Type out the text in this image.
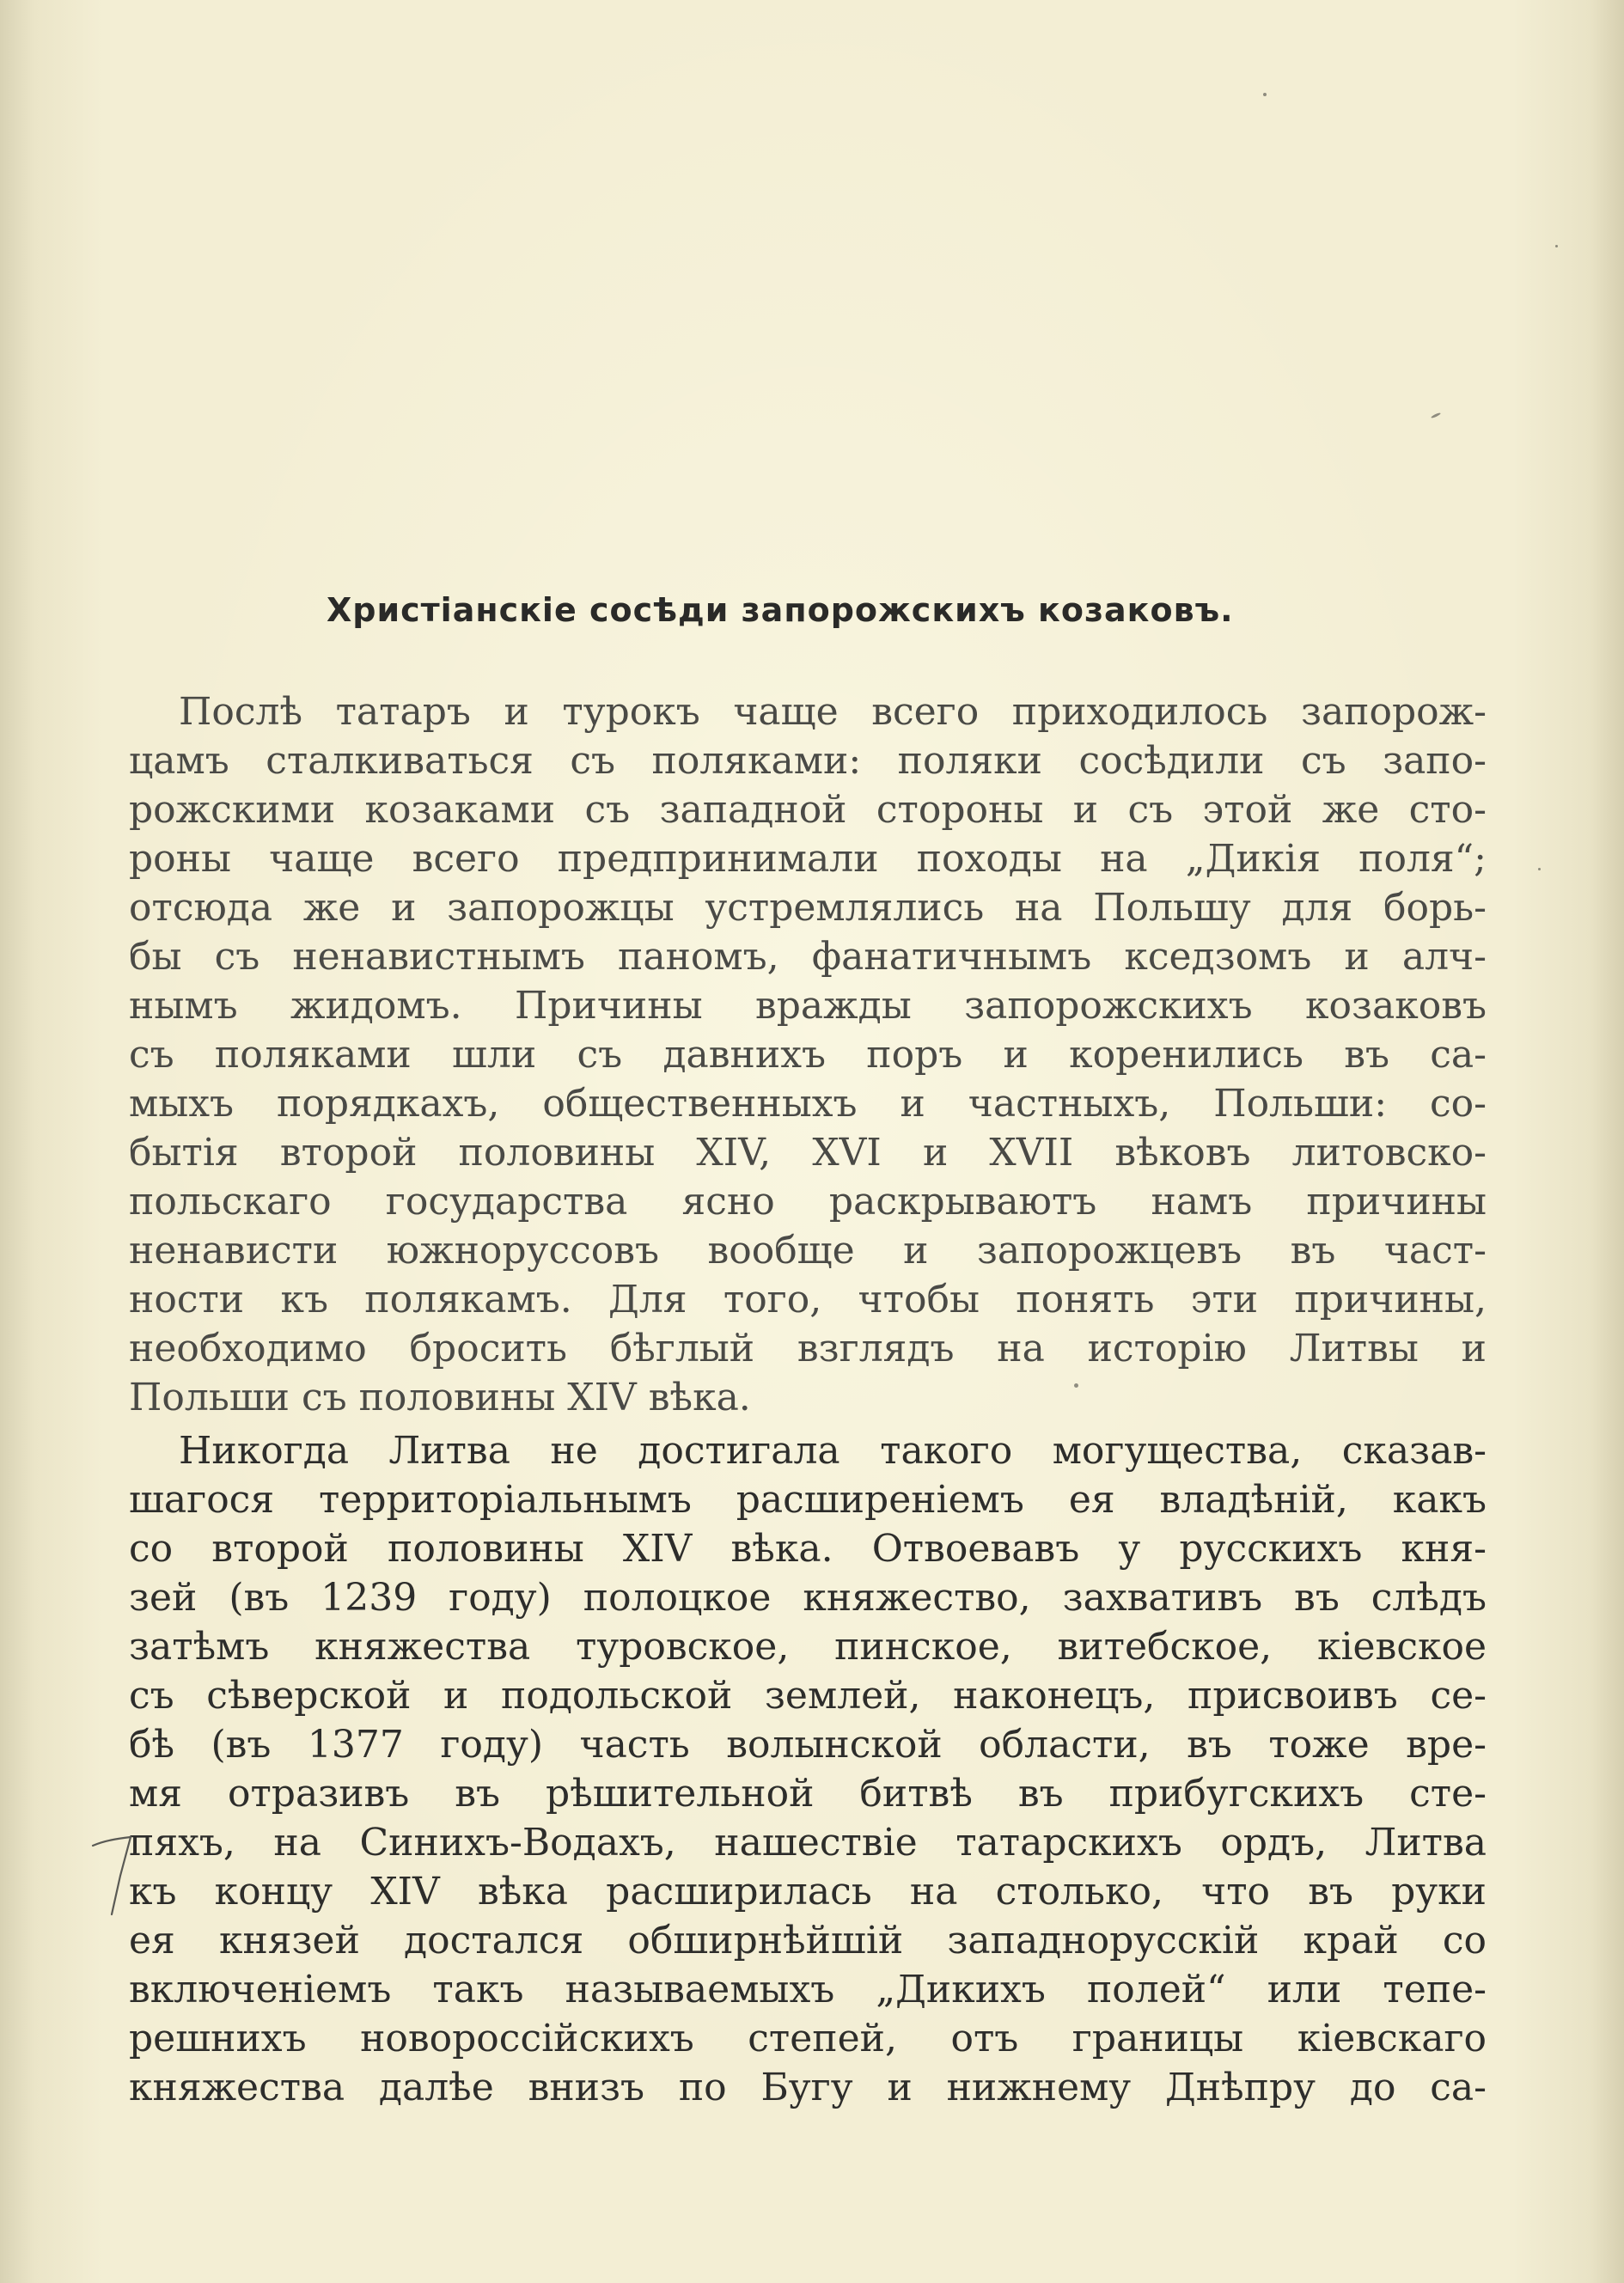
Христіанскіе сосѣди запорожскихъ козаковъ.
Послѣ татаръ и турокъ чаще всего приходилось запорож-
цамъ сталкиваться съ поляками: поляки сосѣдили съ запо-
рожскими козаками съ западной стороны и съ этой же сто-
роны чаще всего предпринимали походы на „Дикія поля“;
отсюда же и запорожцы устремлялись на Польшу для борь-
бы съ ненавистнымъ паномъ, фанатичнымъ кседзомъ и алч-
нымъ жидомъ. Причины вражды запорожскихъ козаковъ
съ поляками шли съ давнихъ поръ и коренились въ са-
мыхъ порядкахъ, общественныхъ и частныхъ, Польши: со-
бытія второй половины XIV, XVI и XVII вѣковъ литовско-
польскаго государства ясно раскрываютъ намъ причины
ненависти южноруссовъ вообще и запорожцевъ въ част-
ности къ полякамъ. Для того, чтобы понять эти причины,
необходимо бросить бѣглый взглядъ на исторію Литвы и
Польши съ половины XIV вѣка.
Никогда Литва не достигала такого могущества, сказав-
шагося территоріальнымъ расширеніемъ ея владѣній, какъ
со второй половины XIV вѣка. Отвоевавъ у русскихъ кня-
зей (въ 1239 году) полоцкое княжество, захвативъ въ слѣдъ
затѣмъ княжества туровское, пинское, витебское, кіевское
съ сѣверской и подольской землей, наконецъ, присвоивъ се-
бѣ (въ 1377 году) часть волынской области, въ тоже вре-
мя отразивъ въ рѣшительной битвѣ въ прибугскихъ сте-
пяхъ, на Синихъ-Водахъ, нашествіе татарскихъ ордъ, Литва
къ концу XIV вѣка расширилась на столько, что въ руки
ея князей достался обширнѣйшій западнорусскій край со
включеніемъ такъ называемыхъ „Дикихъ полей“ или тепе-
решнихъ новороссійскихъ степей, отъ границы кіевскаго
княжества далѣе внизъ по Бугу и нижнему Днѣпру до са-
